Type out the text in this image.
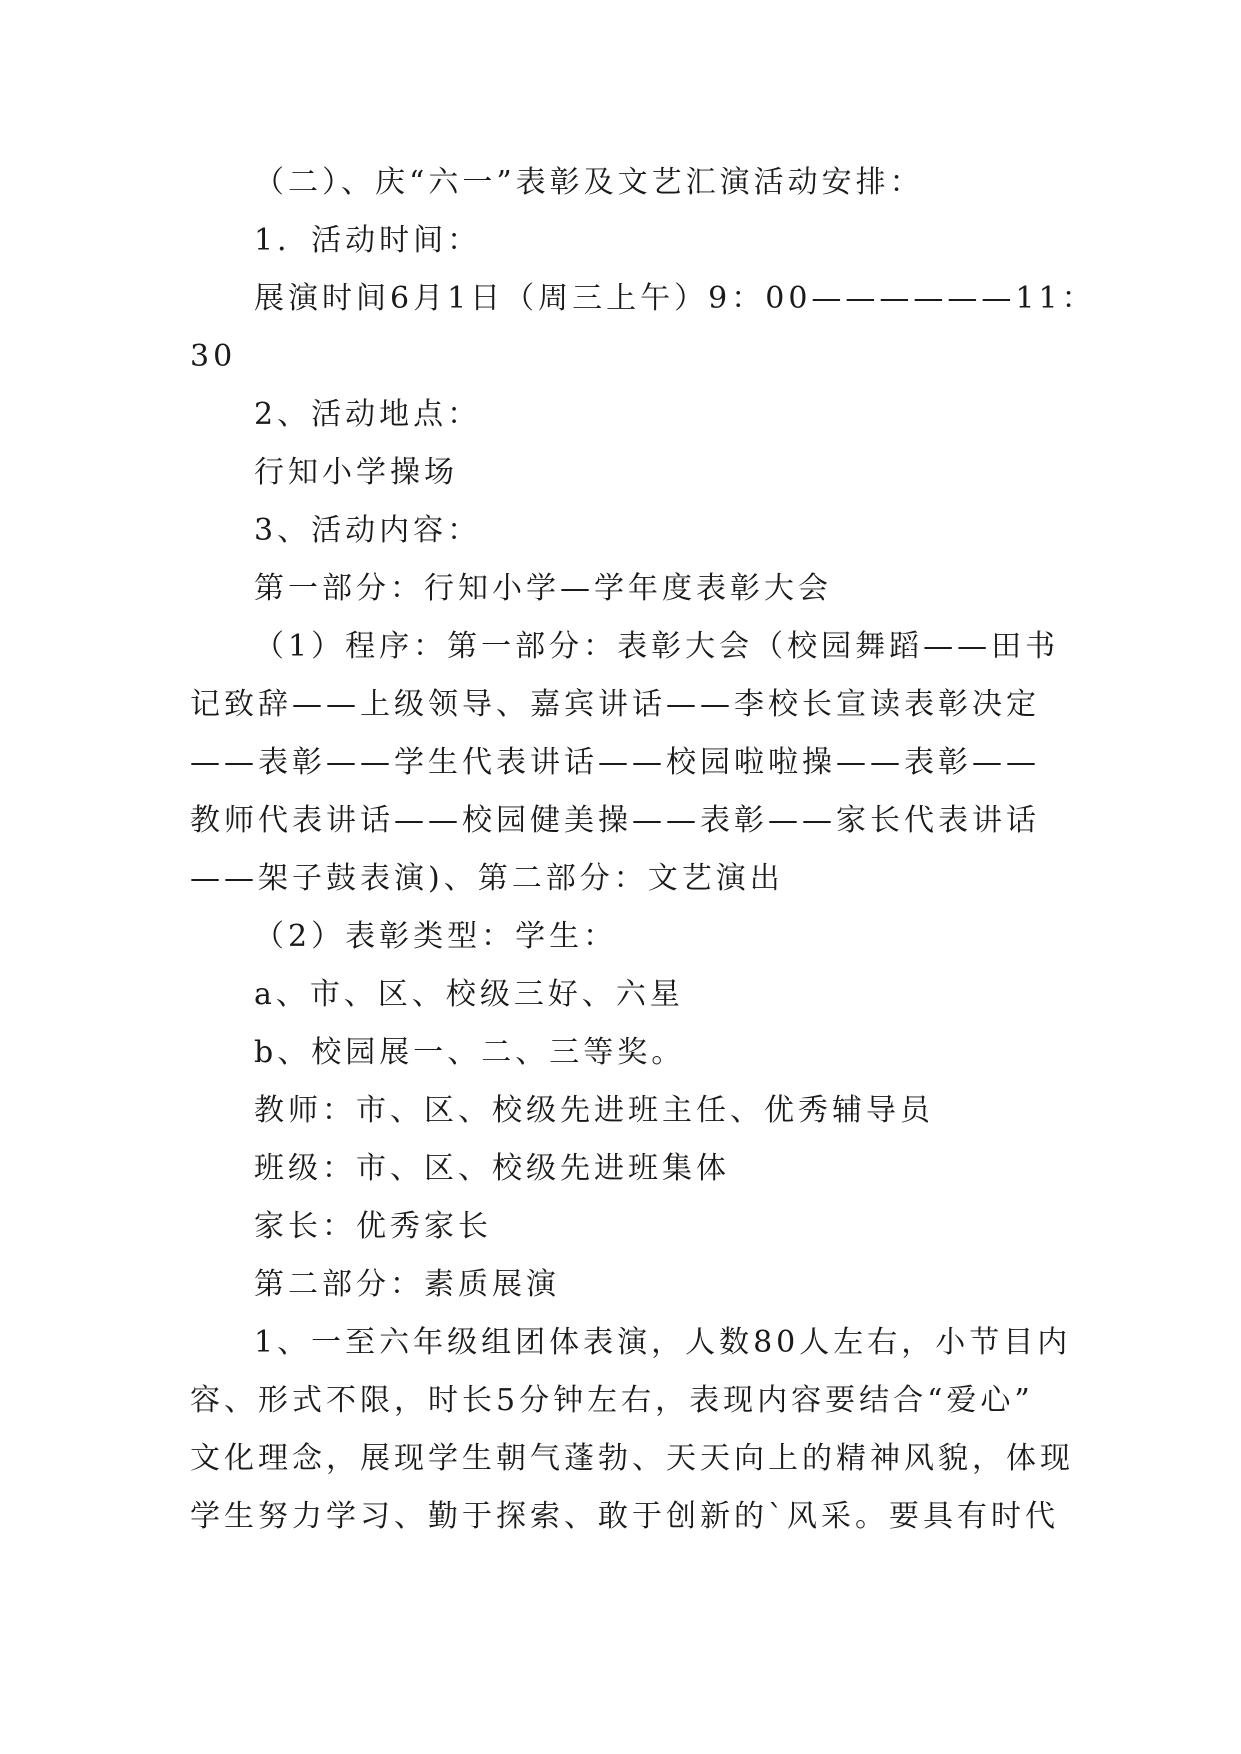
（二）、庆“六一”表彰及文艺汇演活动安排：
1．活动时间：
展演时间6月1日（周三上午）9：00——————11：
30
2、活动地点：
行知小学操场
3、活动内容：
第一部分：行知小学—学年度表彰大会
（1）程序：第一部分：表彰大会（校园舞蹈——田书
记致辞——上级领导、嘉宾讲话——李校长宣读表彰决定
——表彰——学生代表讲话——校园啦啦操——表彰——
教师代表讲话——校园健美操——表彰——家长代表讲话
——架子鼓表演)、第二部分：文艺演出
（2）表彰类型：学生：
a、市、区、校级三好、六星
b、校园展一、二、三等奖。
教师：市、区、校级先进班主任、优秀辅导员
班级：市、区、校级先进班集体
家长：优秀家长
第二部分：素质展演
1、一至六年级组团体表演，人数80人左右，小节目内
容、形式不限，时长5分钟左右，表现内容要结合“爱心”
文化理念，展现学生朝气蓬勃、天天向上的精神风貌，体现
学生努力学习、勤于探索、敢于创新的`风采。要具有时代
